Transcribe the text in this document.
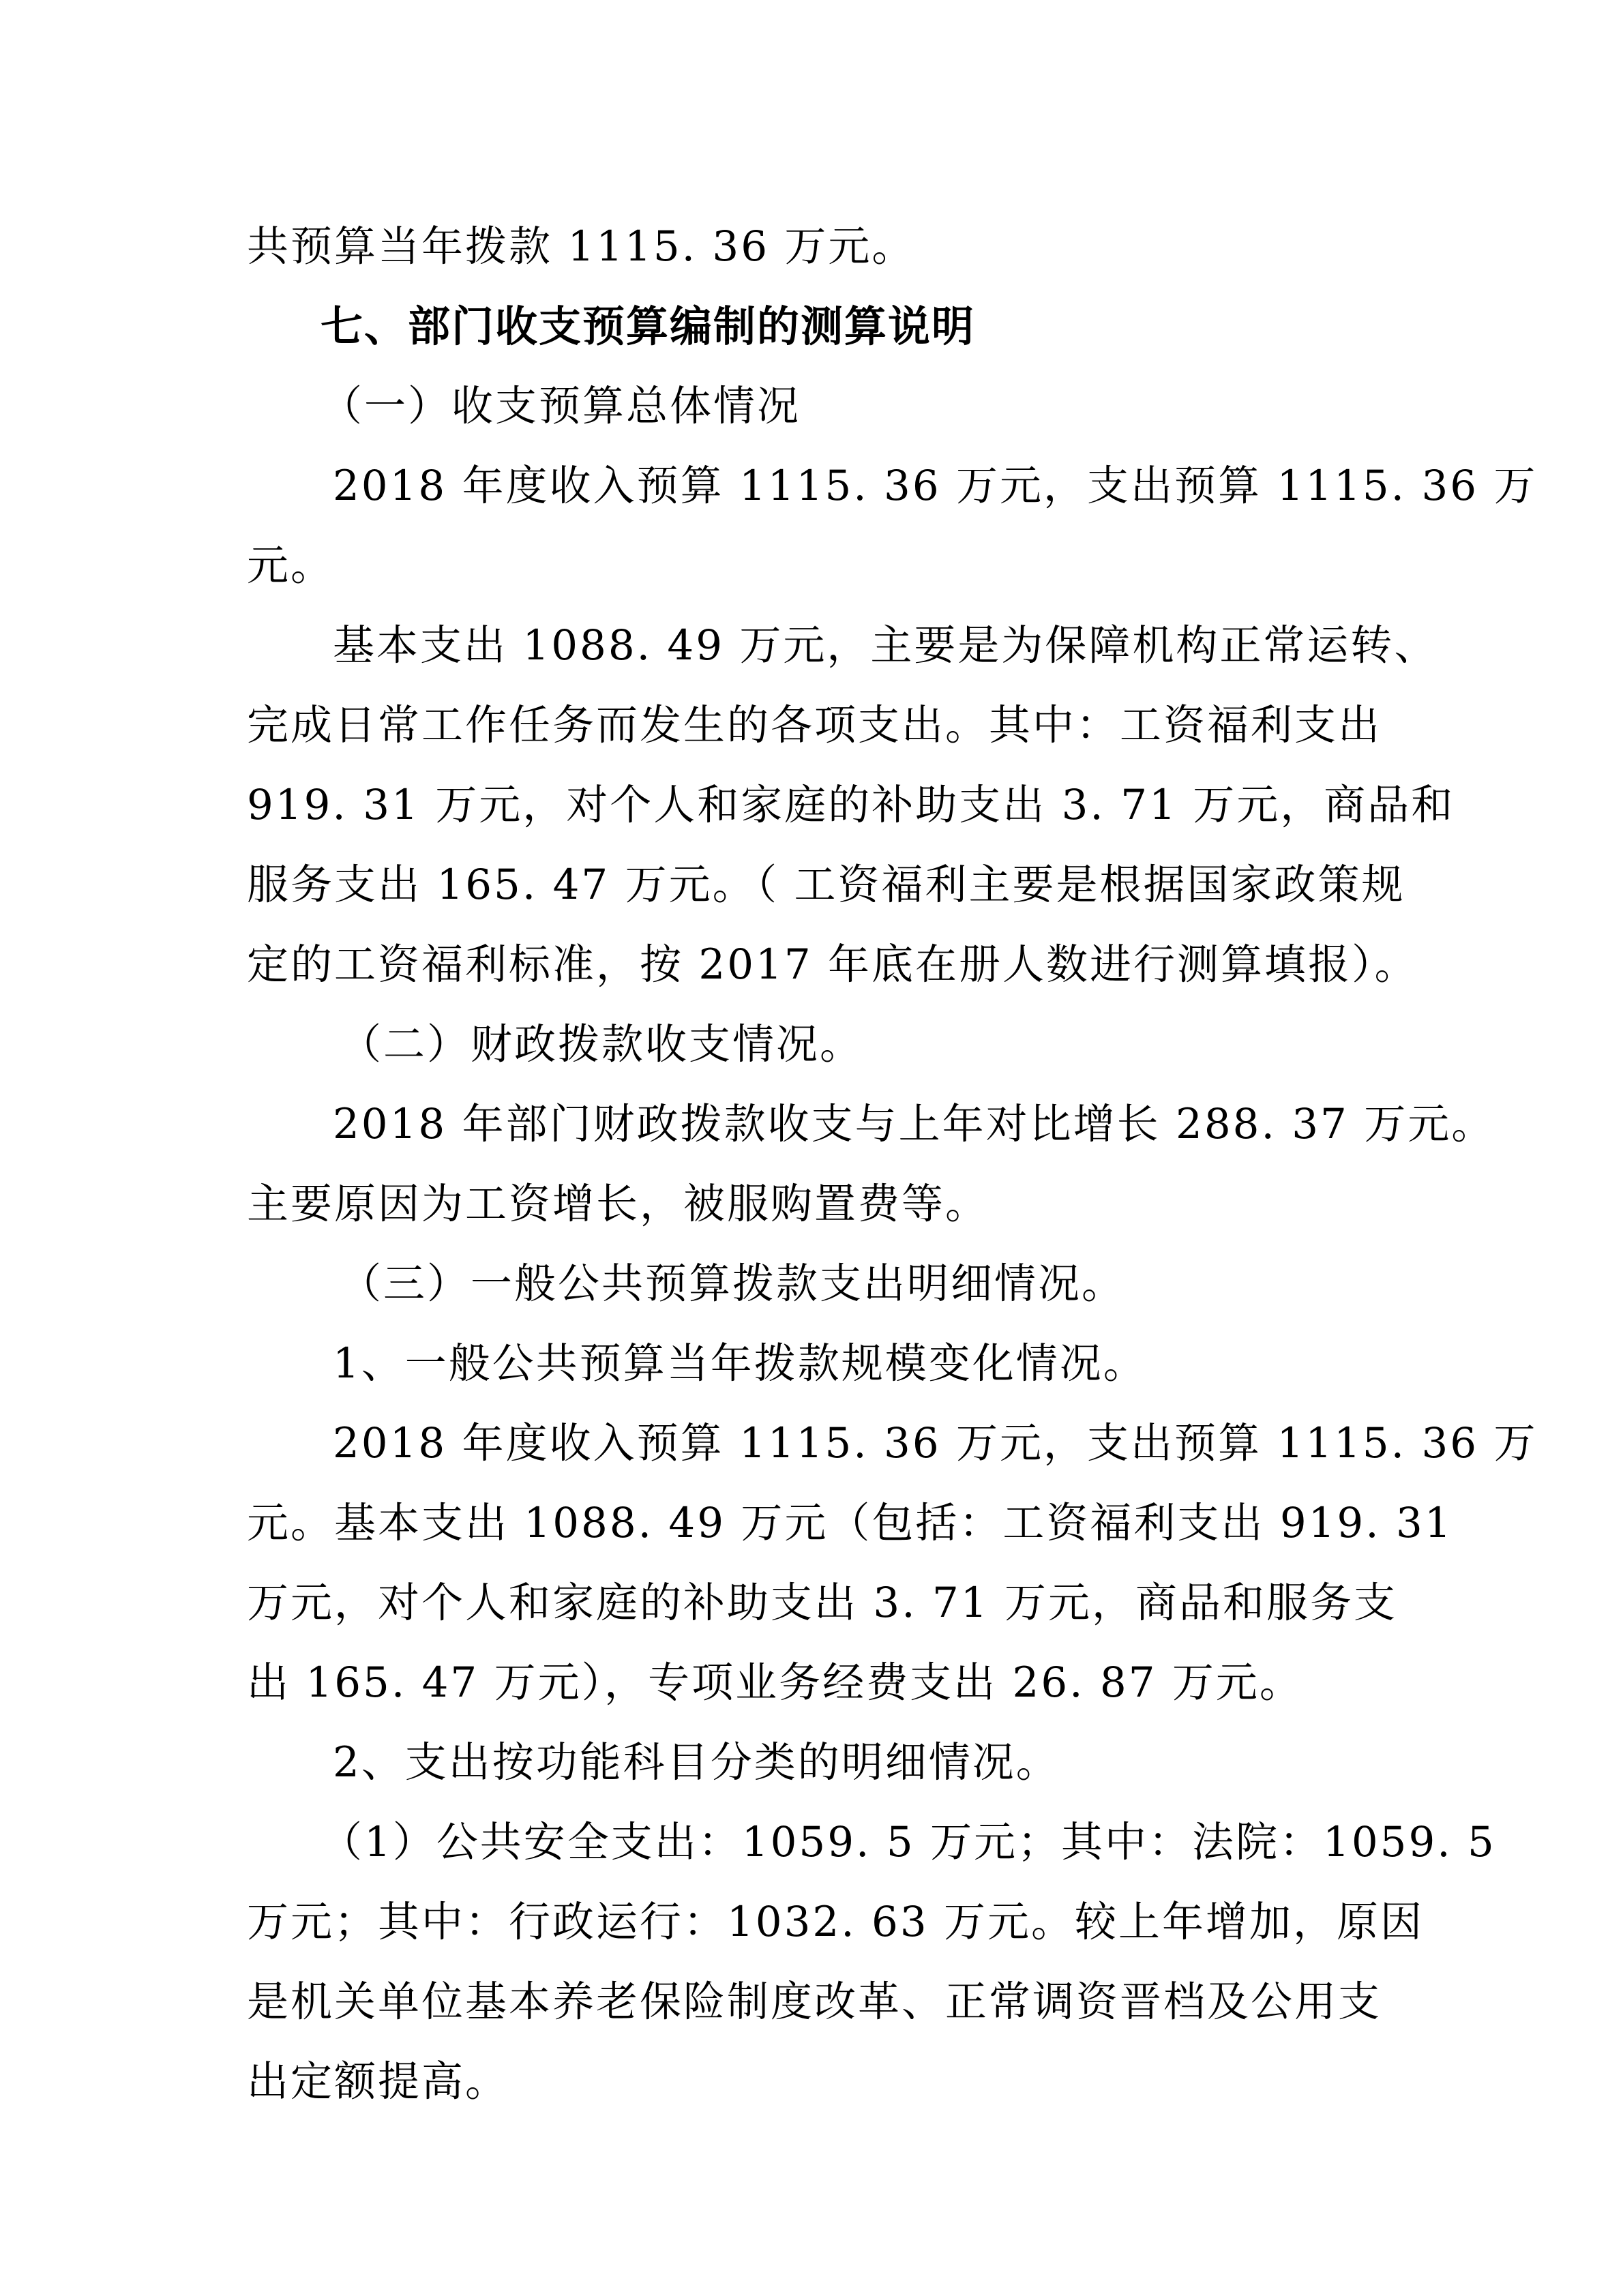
共预算当年拨款 1115. 36 万元。

七、部门收支预算编制的测算说明

（一）收支预算总体情况

2018 年度收入预算 1115. 36 万元，支出预算 1115. 36 万

元。

基本支出 1088. 49 万元，主要是为保障机构正常运转、

完成日常工作任务而发生的各项支出。其中：工资福利支出

919. 31 万元，对个人和家庭的补助支出 3. 71 万元，商品和

服务支出 165. 47 万元。（ 工资福利主要是根据国家政策规

定的工资福利标准，按 2017 年底在册人数进行测算填报）。

（二）财政拨款收支情况。

2018 年部门财政拨款收支与上年对比增长 288. 37 万元。

主要原因为工资增长，被服购置费等。

（三）一般公共预算拨款支出明细情况。

1、一般公共预算当年拨款规模变化情况。

2018 年度收入预算 1115. 36 万元，支出预算 1115. 36 万

元。基本支出 1088. 49 万元（包括：工资福利支出 919. 31

万元，对个人和家庭的补助支出 3. 71 万元，商品和服务支

出 165. 47 万元），专项业务经费支出 26. 87 万元。

2、支出按功能科目分类的明细情况。

（1）公共安全支出：1059. 5 万元；其中：法院：1059. 5

万元；其中：行政运行：1032. 63 万元。较上年增加，原因

是机关单位基本养老保险制度改革、正常调资晋档及公用支

出定额提高。
